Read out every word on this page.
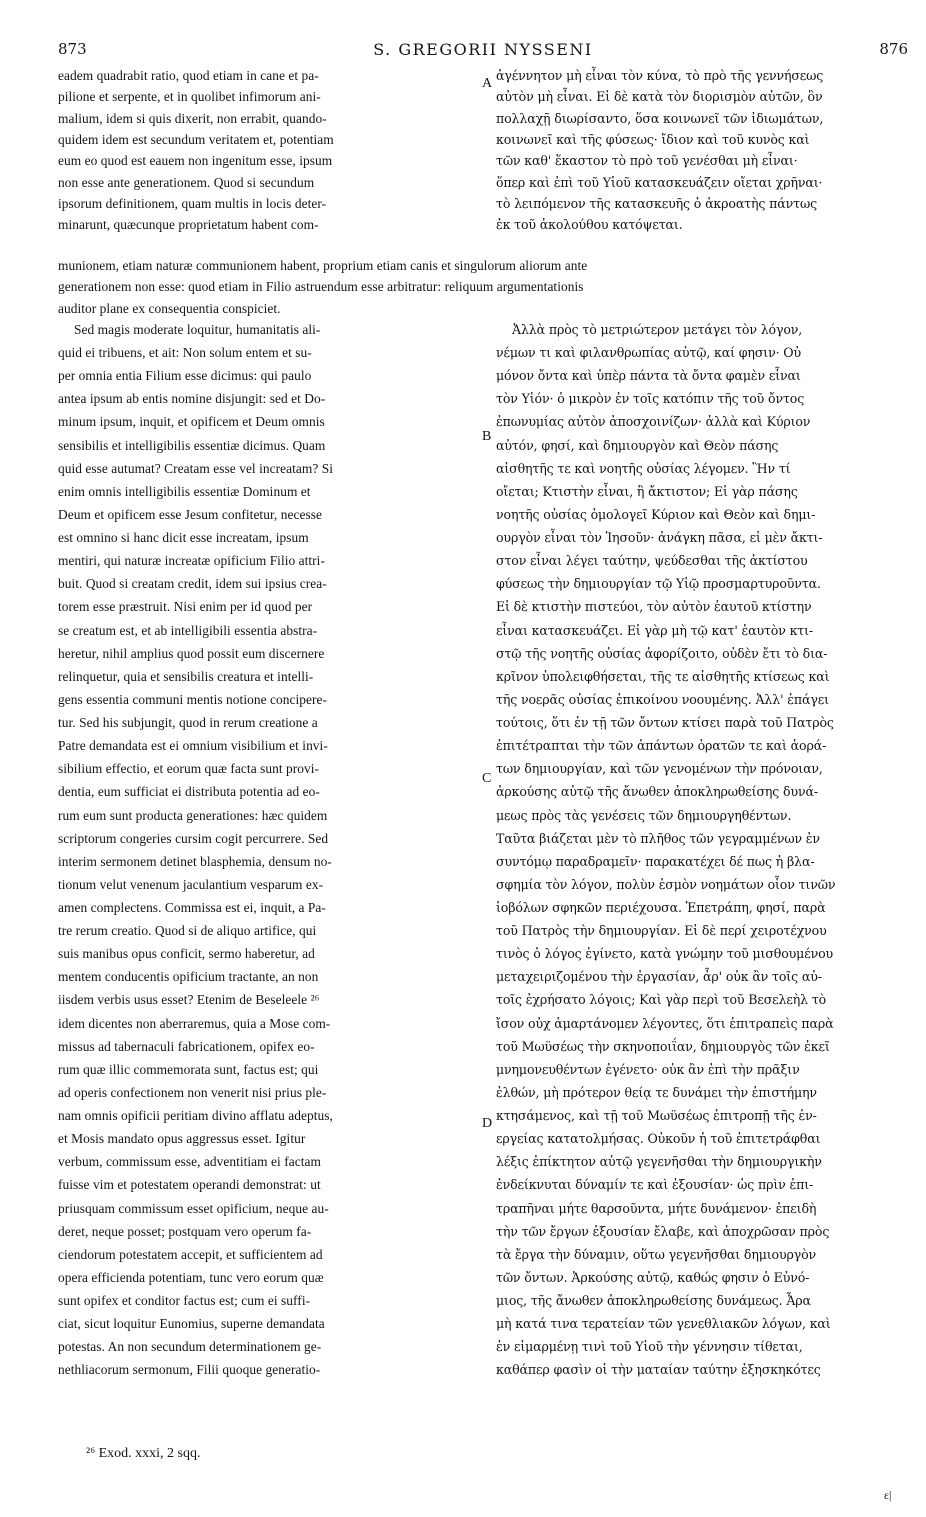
873	S. GREGORII NYSSENI	876
eadem quadrabit ratio, quod etiam in cane et pa-
pilione et serpente, et in quolibet infimorum ani-
malium, idem si quis dixerit, non errabit, quando-
quidem idem est secundum veritatem et, potentiam
eum eo quod est eauem non ingenitum esse, ipsum
non esse ante generationem. Quod si secundum
ipsorum definitionem, quam multis in locis deter-
minarunt, quæcunque proprietatum habent com-
ἀγέννητον μὴ εἶναι τὸν κύνα, τὸ πρὸ τῆς γεννήσεως
αὐτὸν μὴ εἶναι. Εἰ δὲ κατὰ τὸν διορισμὸν αὐτῶν, ὃν
πολλαχῇ διωρίσαντο, ὅσα κοινωνεῖ τῶν ἰδιωμάτων,
κοινωνεῖ καὶ τῆς φύσεως· ἴδιον καὶ τοῦ κυνὸς καὶ
τῶν καθ' ἕκαστον τὸ πρὸ τοῦ γενέσθαι μὴ εἶναι·
ὅπερ καὶ ἐπὶ τοῦ Υἱοῦ κατασκευάζειν οἴεται χρῆναι·
τὸ λειπόμενον τῆς κατασκευῆς ὁ ἀκροατὴς πάντως
ἐκ τοῦ ἀκολούθου κατόψεται.
munionem, etiam naturæ communionem habent, proprium etiam canis et singulorum aliorum ante
generationem non esse: quod etiam in Filio astruendum esse arbitratur: reliquum argumentationis
auditor plane ex consequentia conspiciet.
Sed magis moderate loquitur, humanitatis ali-
quid ei tribuens, et ait: Non solum entem et su-
per omnia entia Filium esse dicimus: qui paulo
antea ipsum ab entis nomine disjungit: sed et Do-
minum ipsum, inquit, et opificem et Deum omnis
sensibilis et intelligibilis essentiæ dicimus. Quam
quid esse autumat? Creatam esse vel increatam? Si
enim omnis intelligibilis essentiæ Dominum et
Deum et opificem esse Jesum confitetur, necesse
est omnino si hanc dicit esse increatam, ipsum
mentiri, qui naturæ increatæ opificium Filio attri-
buit. Quod si creatam credit, idem sui ipsius crea-
torem esse præstruit. Nisi enim per id quod per
se creatum est, et ab intelligibili essentia abstra-
heretur, nihil amplius quod possit eum discernere
relinquetur, quia et sensibilis creatura et intelli-
gens essentia communi mentis notione conciperе-
tur. Sed his subjungit, quod in rerum creatione a
Patre demandata est ei omnium visibilium et invi-
sibilium effectio, et eorum quæ facta sunt provi-
dentia, eum sufficiat ei distributa potentia ad eo-
rum eum sunt producta generationes: hæc quidem
scriptorum congeries cursim cogit percurrere. Sed
interim sermonem detinet blasphemia, densum no-
tionum velut venenum jaculantium vesparum ex-
amen complectens. Commissa est ei, inquit, a Pa-
tre rerum creatio. Quod si de aliquo artifice, qui
suis manibus opus conficit, sermo haberetur, ad
mentem conducentis opificium tractante, an non
iisdem verbis usus esset? Etenim de Beseleele ²⁶
idem dicentes non aberraremus, quia a Mose com-
missus ad tabernaculi fabricationem, opifex eo-
rum quæ illic commemorata sunt, factus est; qui
ad operis confectionem non venerit nisi prius ple-
nam omnis opificii peritiam divino afflatu adeptus,
et Mosis mandato opus aggressus esset. Igitur
verbum, commissum esse, adventitiam ei factam
fuisse vim et potestatem operandi demonstrat: ut
priusquam commissum esset opificium, neque au-
deret, neque posset; postquam vero operum fa-
ciendorum potestatem accepit, et sufficientem ad
opera efficienda potentiam, tunc vero eorum quæ
sunt opifex et conditor factus est; cum ei suffi-
ciat, sicut loquitur Eunomius, superne demandata
potestas. An non secundum determinationem ge-
nethliacorum sermonum, Filii quoque generatio-
Ἀλλὰ πρὸς τὸ μετριώτερον μετάγει τὸν λόγον,
νέμων τι καὶ φιλανθρωπίας αὐτῷ, καί φησιν· Οὐ
μόνον ὄντα καὶ ὑπὲρ πάντα τὰ ὄντα φαμὲν εἶναι
τὸν Υἱόν· ὁ μικρὸν ἐν τοῖς κατόπιν τῆς τοῦ ὄντος
ἐπωνυμίας αὐτὸν ἀποσχοινίζων· ἀλλὰ καὶ Κύριον
αὐτόν, φησί, καὶ δημιουργὸν καὶ Θεὸν πάσης
αἰσθητῆς τε καὶ νοητῆς οὐσίας λέγομεν. Ἢν τί
οἴεται; Κτιστὴν εἶναι, ἢ ἄκτιστον; Εἰ γὰρ πάσης
νοητῆς οὐσίας ὁμολογεῖ Κύριον καὶ Θεὸν καὶ δημι-
ουργὸν εἶναι τὸν Ἰησοῦν· ἀνάγκη πᾶσα, εἰ μὲν ἄκτι-
στον εἶναι λέγει ταύτην, ψεύδεσθαι τῆς ἀκτίστου
φύσεως τὴν δημιουργίαν τῷ Υἱῷ προσμαρτυροῦντα.
Εἰ δὲ κτιστὴν πιστεύοι, τὸν αὐτὸν ἑαυτοῦ κτίστην
εἶναι κατασκευάζει. Εἰ γὰρ μὴ τῷ κατ' ἑαυτὸν κτι-
στῷ τῆς νοητῆς οὐσίας ἀφορίζοιτο, οὐδὲν ἔτι τὸ δια-
κρῖνον ὑπολειφθήσεται, τῆς τε αἰσθητῆς κτίσεως καὶ
τῆς νοερᾶς οὐσίας ἐπικοίνου νοουμένης. Ἀλλ' ἐπάγει
τούτοις, ὅτι ἐν τῇ τῶν ὄντων κτίσει παρὰ τοῦ Πατρὸς
ἐπιτέτραπται τὴν τῶν ἁπάντων ὁρατῶν τε καὶ ἀορά-
των δημιουργίαν, καὶ τῶν γενομένων τὴν πρόνοιαν,
ἀρκούσης αὐτῷ τῆς ἄνωθεν ἀποκληρωθείσης δυνά-
μεως πρὸς τὰς γενέσεις τῶν δημιουργηθέντων.
Ταῦτα βιάζεται μὲν τὸ πλῆθος τῶν γεγραμμένων ἐν
συντόμῳ παραδραμεῖν· παρακατέχει δέ πως ἡ βλα-
σφημία τὸν λόγον, πολὺν ἑσμὸν νοημάτων οἷον τινῶν
ἰοβόλων σφηκῶν περιέχουσα. Ἐπετράπη, φησί, παρὰ
τοῦ Πατρὸς τὴν δημιουργίαν. Εἰ δὲ περί χειροτέχνου
τινὸς ὁ λόγος ἐγίνετο, κατὰ γνώμην τοῦ μισθουμένου
μεταχειριζομένου τὴν ἐργασίαν, ἆρ' οὐκ ἂν τοῖς αὐ-
τοῖς ἐχρήσατο λόγοις; Καὶ γὰρ περὶ τοῦ Βεσελεὴλ τὸ
ἴσον οὐχ ἁμαρτάνομεν λέγοντες, ὅτι ἐπιτραπεὶς παρὰ
τοῦ Μωϋσέως τὴν σκηνοποιΐαν, δημιουργὸς τῶν ἐκεῖ
μνημονευθέντων ἐγένετο· οὐκ ἂν ἐπὶ τὴν πρᾶξιν
ἐλθών, μὴ πρότερον θείᾳ τε δυνάμει τὴν ἐπιστήμην
κτησάμενος, καὶ τῇ τοῦ Μωϋσέως ἐπιτροπῇ τῆς ἐν-
εργείας κατατολμήσας. Οὐκοῦν ἡ τοῦ ἐπιτετράφθαι
λέξις ἐπίκτητον αὐτῷ γεγενῆσθαι τὴν δημιουργικὴν
ἐνδείκνυται δύναμίν τε καὶ ἐξουσίαν· ὡς πρὶν ἐπι-
τραπῆναι μήτε θαρσοῦντα, μήτε δυνάμενον· ἐπειδὴ
τὴν τῶν ἔργων ἐξουσίαν ἔλαβε, καὶ ἀποχρῶσαν πρὸς
τὰ ἔργα τὴν δύναμιν, οὕτω γεγενῆσθαι δημιουργὸν
τῶν ὄντων. Ἀρκούσης αὐτῷ, καθώς φησιν ὁ Εὐνό-
μιος, τῆς ἄνωθεν ἀποκληρωθείσης δυνάμεως. Ἆρα
μὴ κατά τινα τερατείαν τῶν γενεθλιακῶν λόγων, καὶ
ἐν εἱμαρμένῃ τινὶ τοῦ Υἱοῦ τὴν γέννησιν τίθεται,
καθάπερ φασὶν οἱ τὴν ματαίαν ταύτην ἐξησκηκότες
A
B
C
D
²⁶ Exod. xxxi, 2 sqq.
ε|
